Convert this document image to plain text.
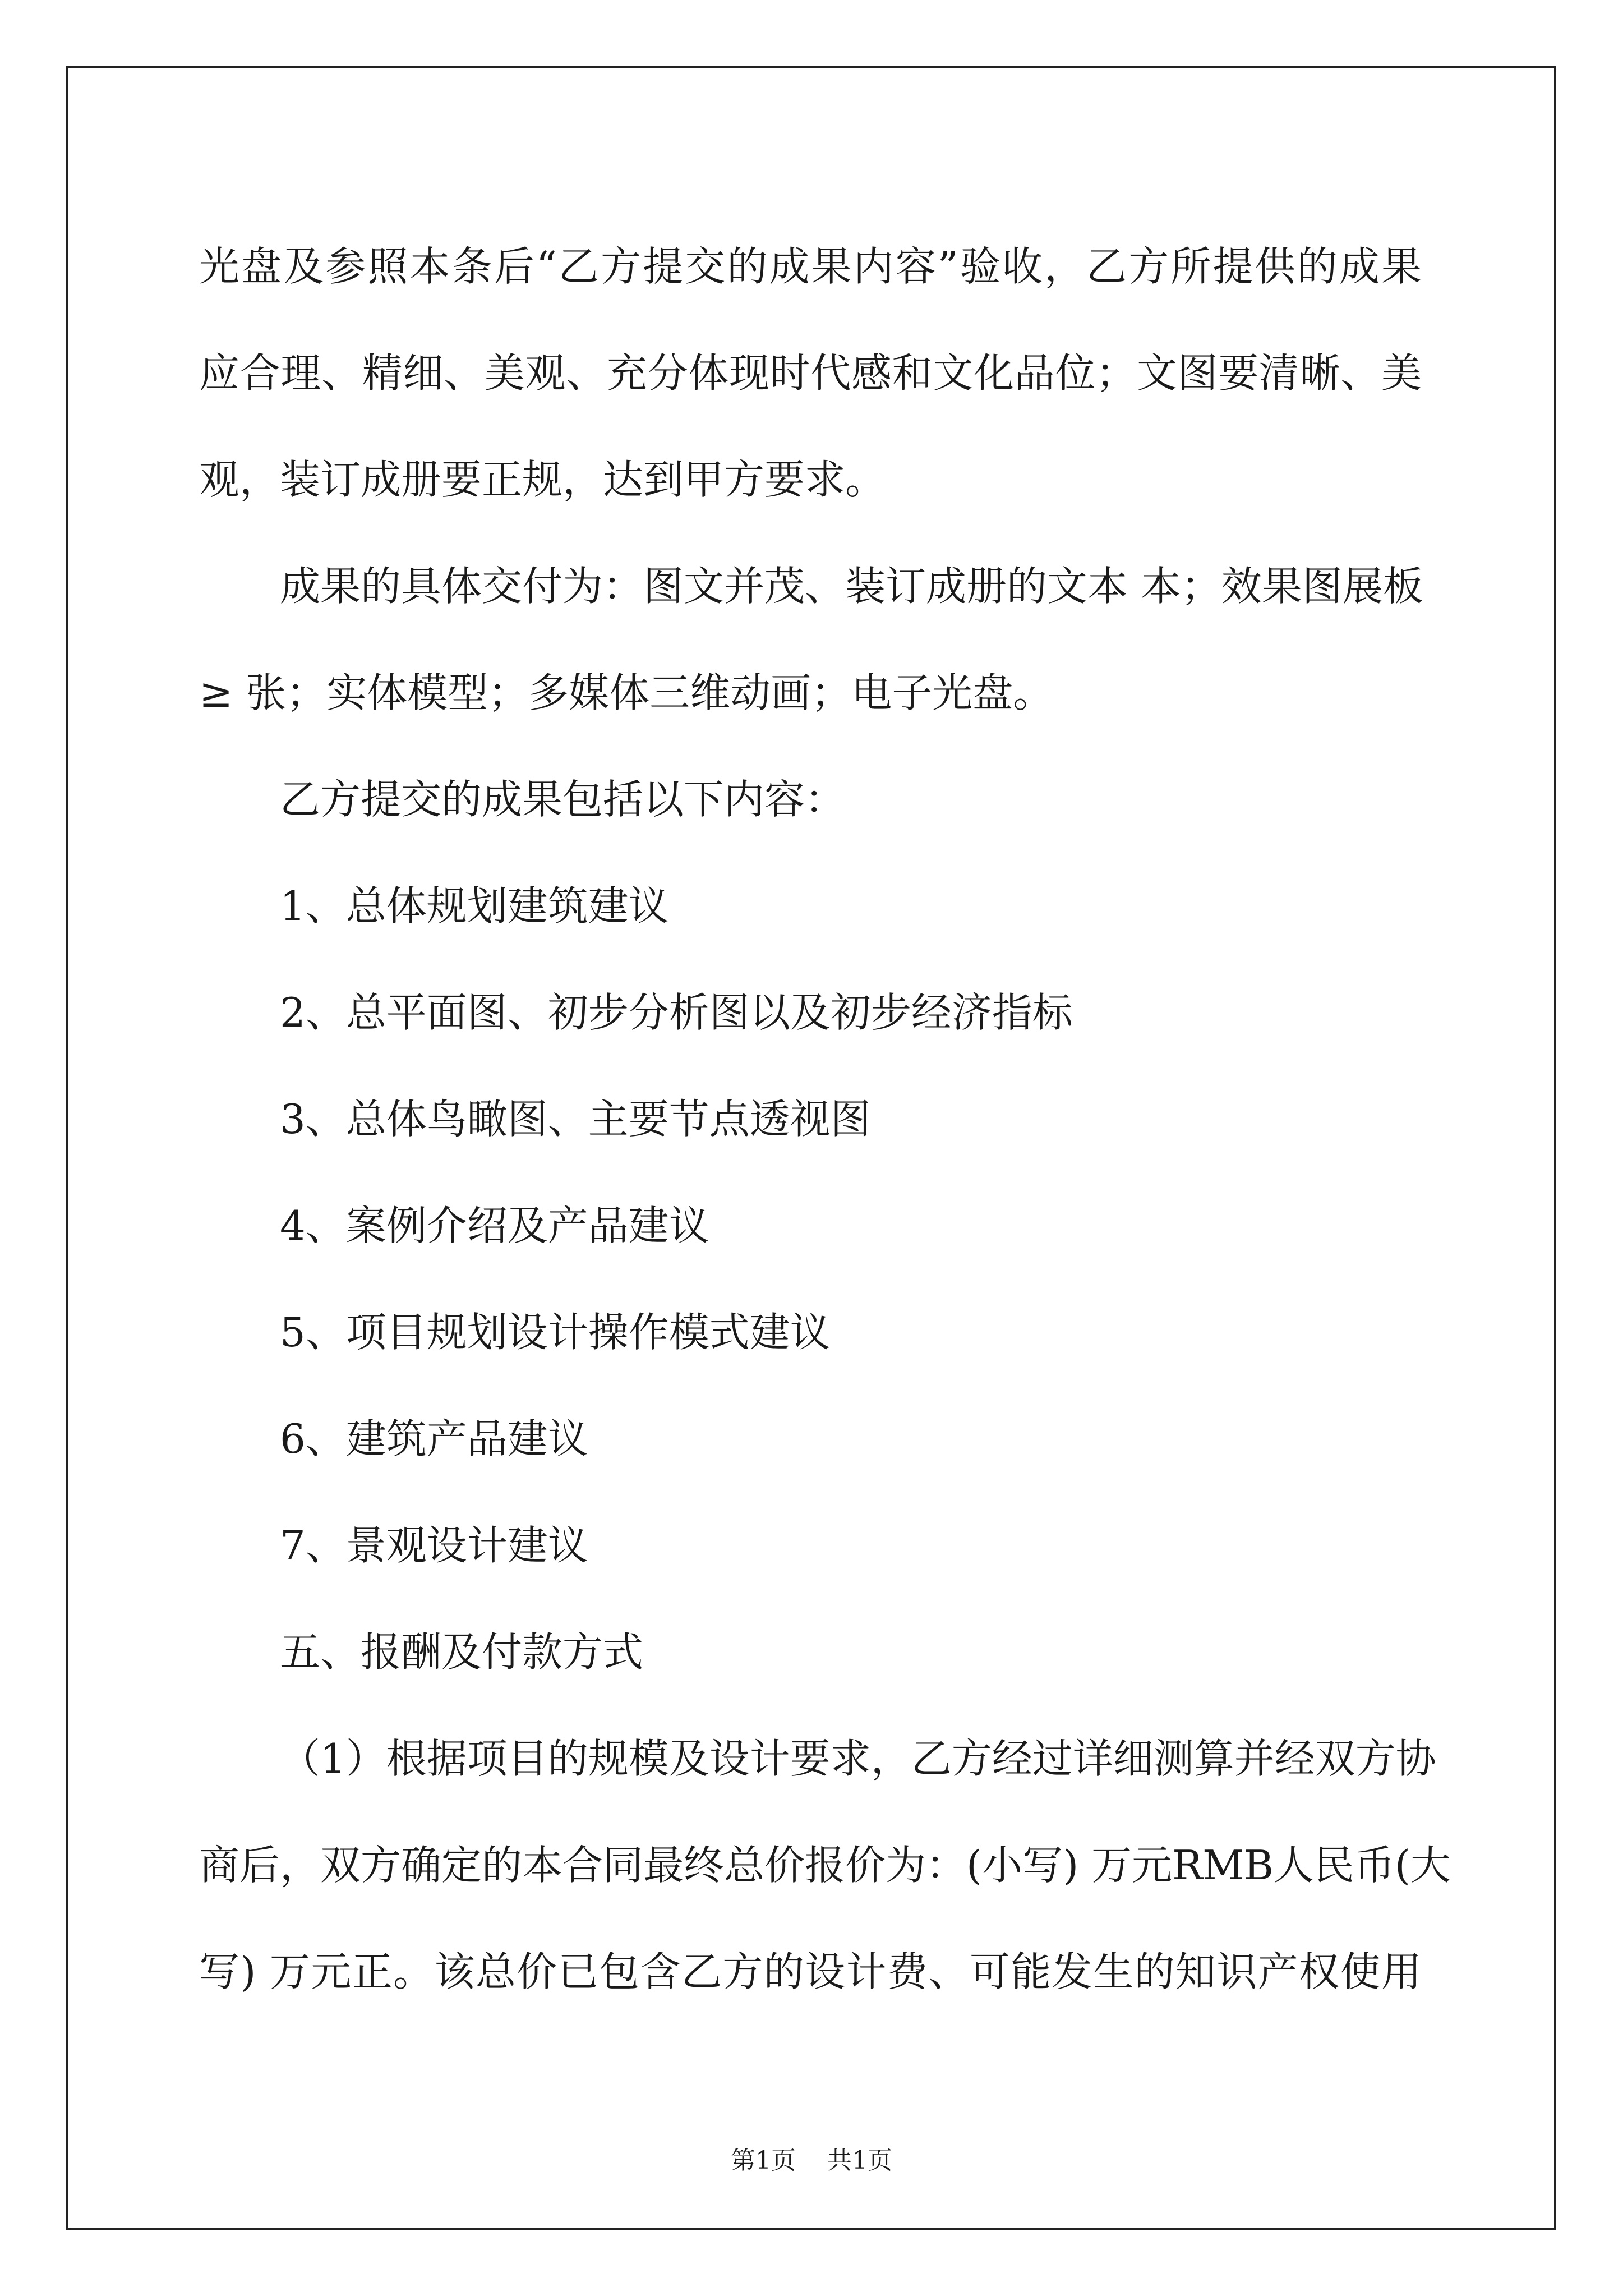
光盘及参照本条后“乙方提交的成果内容”验收，乙方所提供的成果

应合理、精细、美观、充分体现时代感和文化品位；文图要清晰、美

观，装订成册要正规，达到甲方要求。

成果的具体交付为：图文并茂、装订成册的文本 本；效果图展板

≥ 张；实体模型；多媒体三维动画；电子光盘。

乙方提交的成果包括以下内容：

1、总体规划建筑建议

2、总平面图、初步分析图以及初步经济指标

3、总体鸟瞰图、主要节点透视图

4、案例介绍及产品建议

5、项目规划设计操作模式建议

6、建筑产品建议

7、景观设计建议

五、报酬及付款方式

（1）根据项目的规模及设计要求，乙方经过详细测算并经双方协

商后，双方确定的本合同最终总价报价为：(小写) 万元RMB人民币(大

写) 万元正。该总价已包含乙方的设计费、可能发生的知识产权使用

第1页 共1页
